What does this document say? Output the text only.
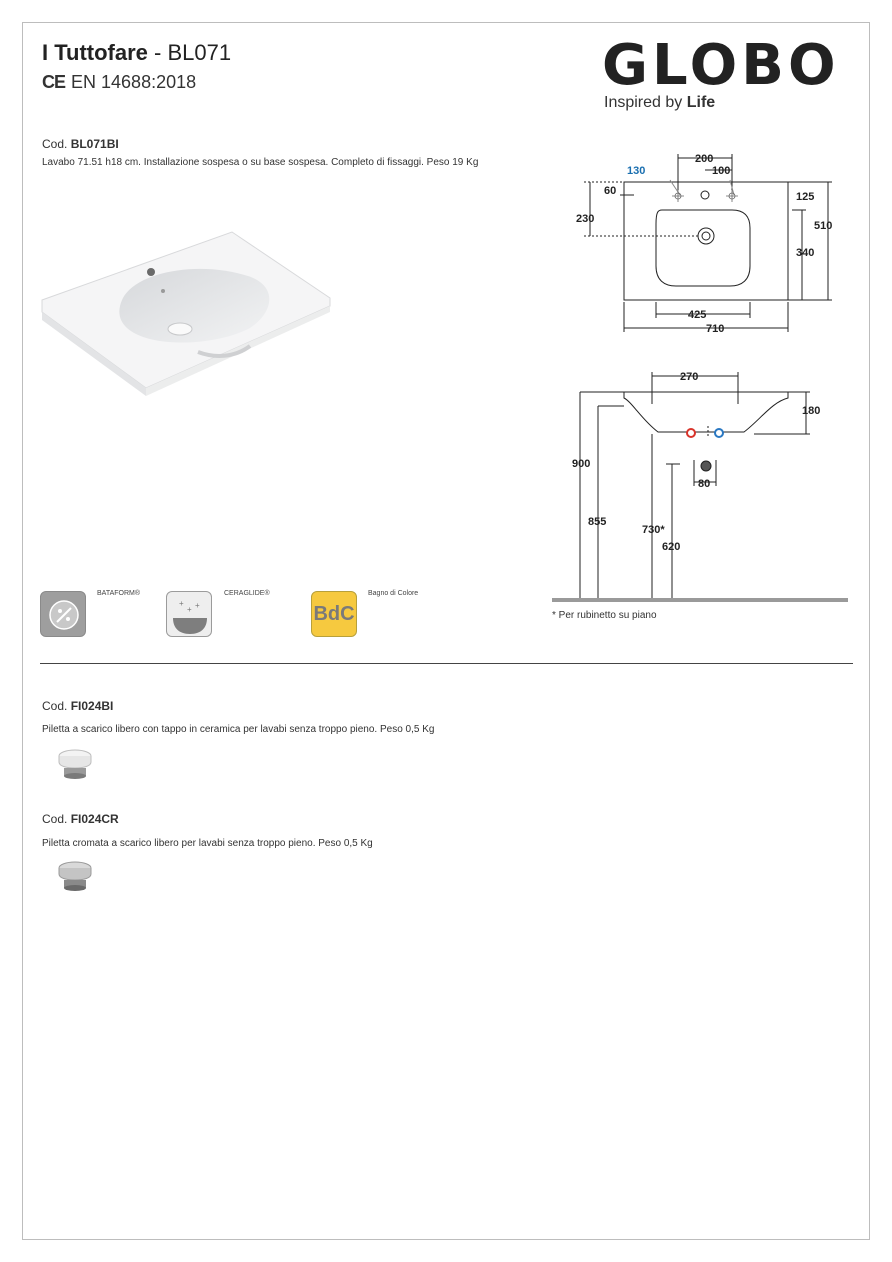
I Tuttofare - BL071
CE EN 14688:2018	GLOBO
Inspired by Life
Cod. BL071BI
Lavabo 71.51 h18 cm. Installazione sospesa o su base sospesa. Completo di fissaggi. Peso 19 Kg
BATAFORM®
+
+ +
CERAGLIDE®
BdC
Bagno di Colore
130
200
100
60	125
230
510
340
425
710
270
180
900
855
730*
620
80
* Per rubinetto su piano
Cod. FI024BI
Piletta a scarico libero con tappo in ceramica per lavabi senza troppo pieno. Peso 0,5 Kg
Cod. FI024CR
Piletta cromata a scarico libero per lavabi senza troppo pieno. Peso 0,5 Kg
